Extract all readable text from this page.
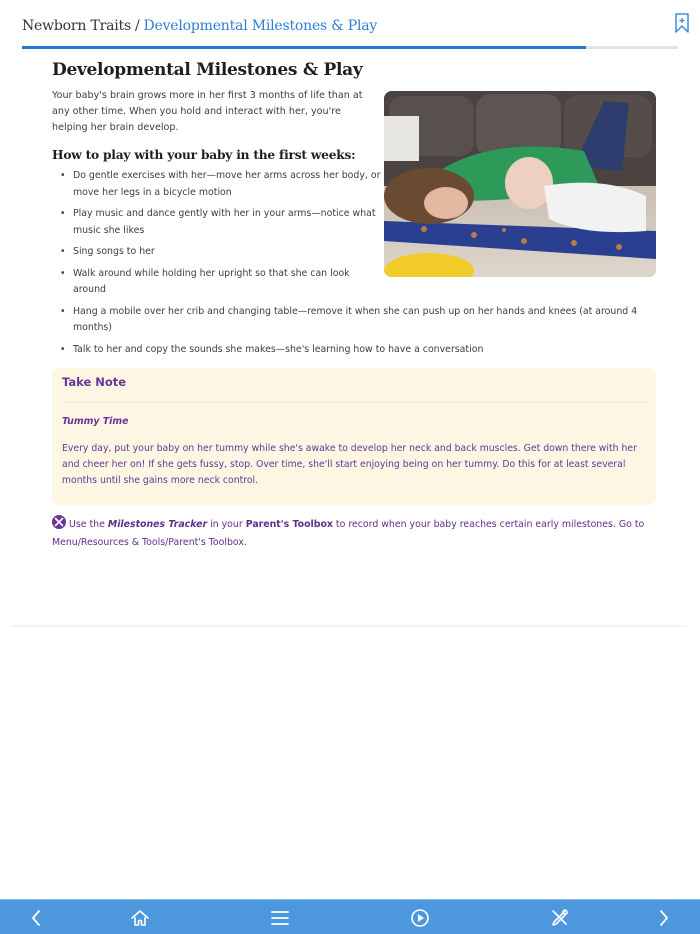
Newborn Traits / Developmental Milestones & Play
Developmental Milestones & Play

Your baby's brain grows more in her first 3 months of life than at any other time. When you hold and interact with her, you're helping her brain develop.

How to play with your baby in the first weeks:
• Do gentle exercises with her—move her arms across her body, or move her legs in a bicycle motion
• Play music and dance gently with her in your arms—notice what music she likes
• Sing songs to her
• Walk around while holding her upright so that she can look around
• Hang a mobile over her crib and changing table—remove it when she can push up on her hands and knees (at around 4 months)
• Talk to her and copy the sounds she makes—she's learning how to have a conversation
Take Note
Tummy Time
Every day, put your baby on her tummy while she's awake to develop her neck and back muscles. Get down there with her and cheer her on! If she gets fussy, stop. Over time, she'll start enjoying being on her tummy. Do this for at least several months until she gains more neck control.
Use the Milestones Tracker in your Parent's Toolbox to record when your baby reaches certain early milestones. Go to Menu/Resources & Tools/Parent's Toolbox.
